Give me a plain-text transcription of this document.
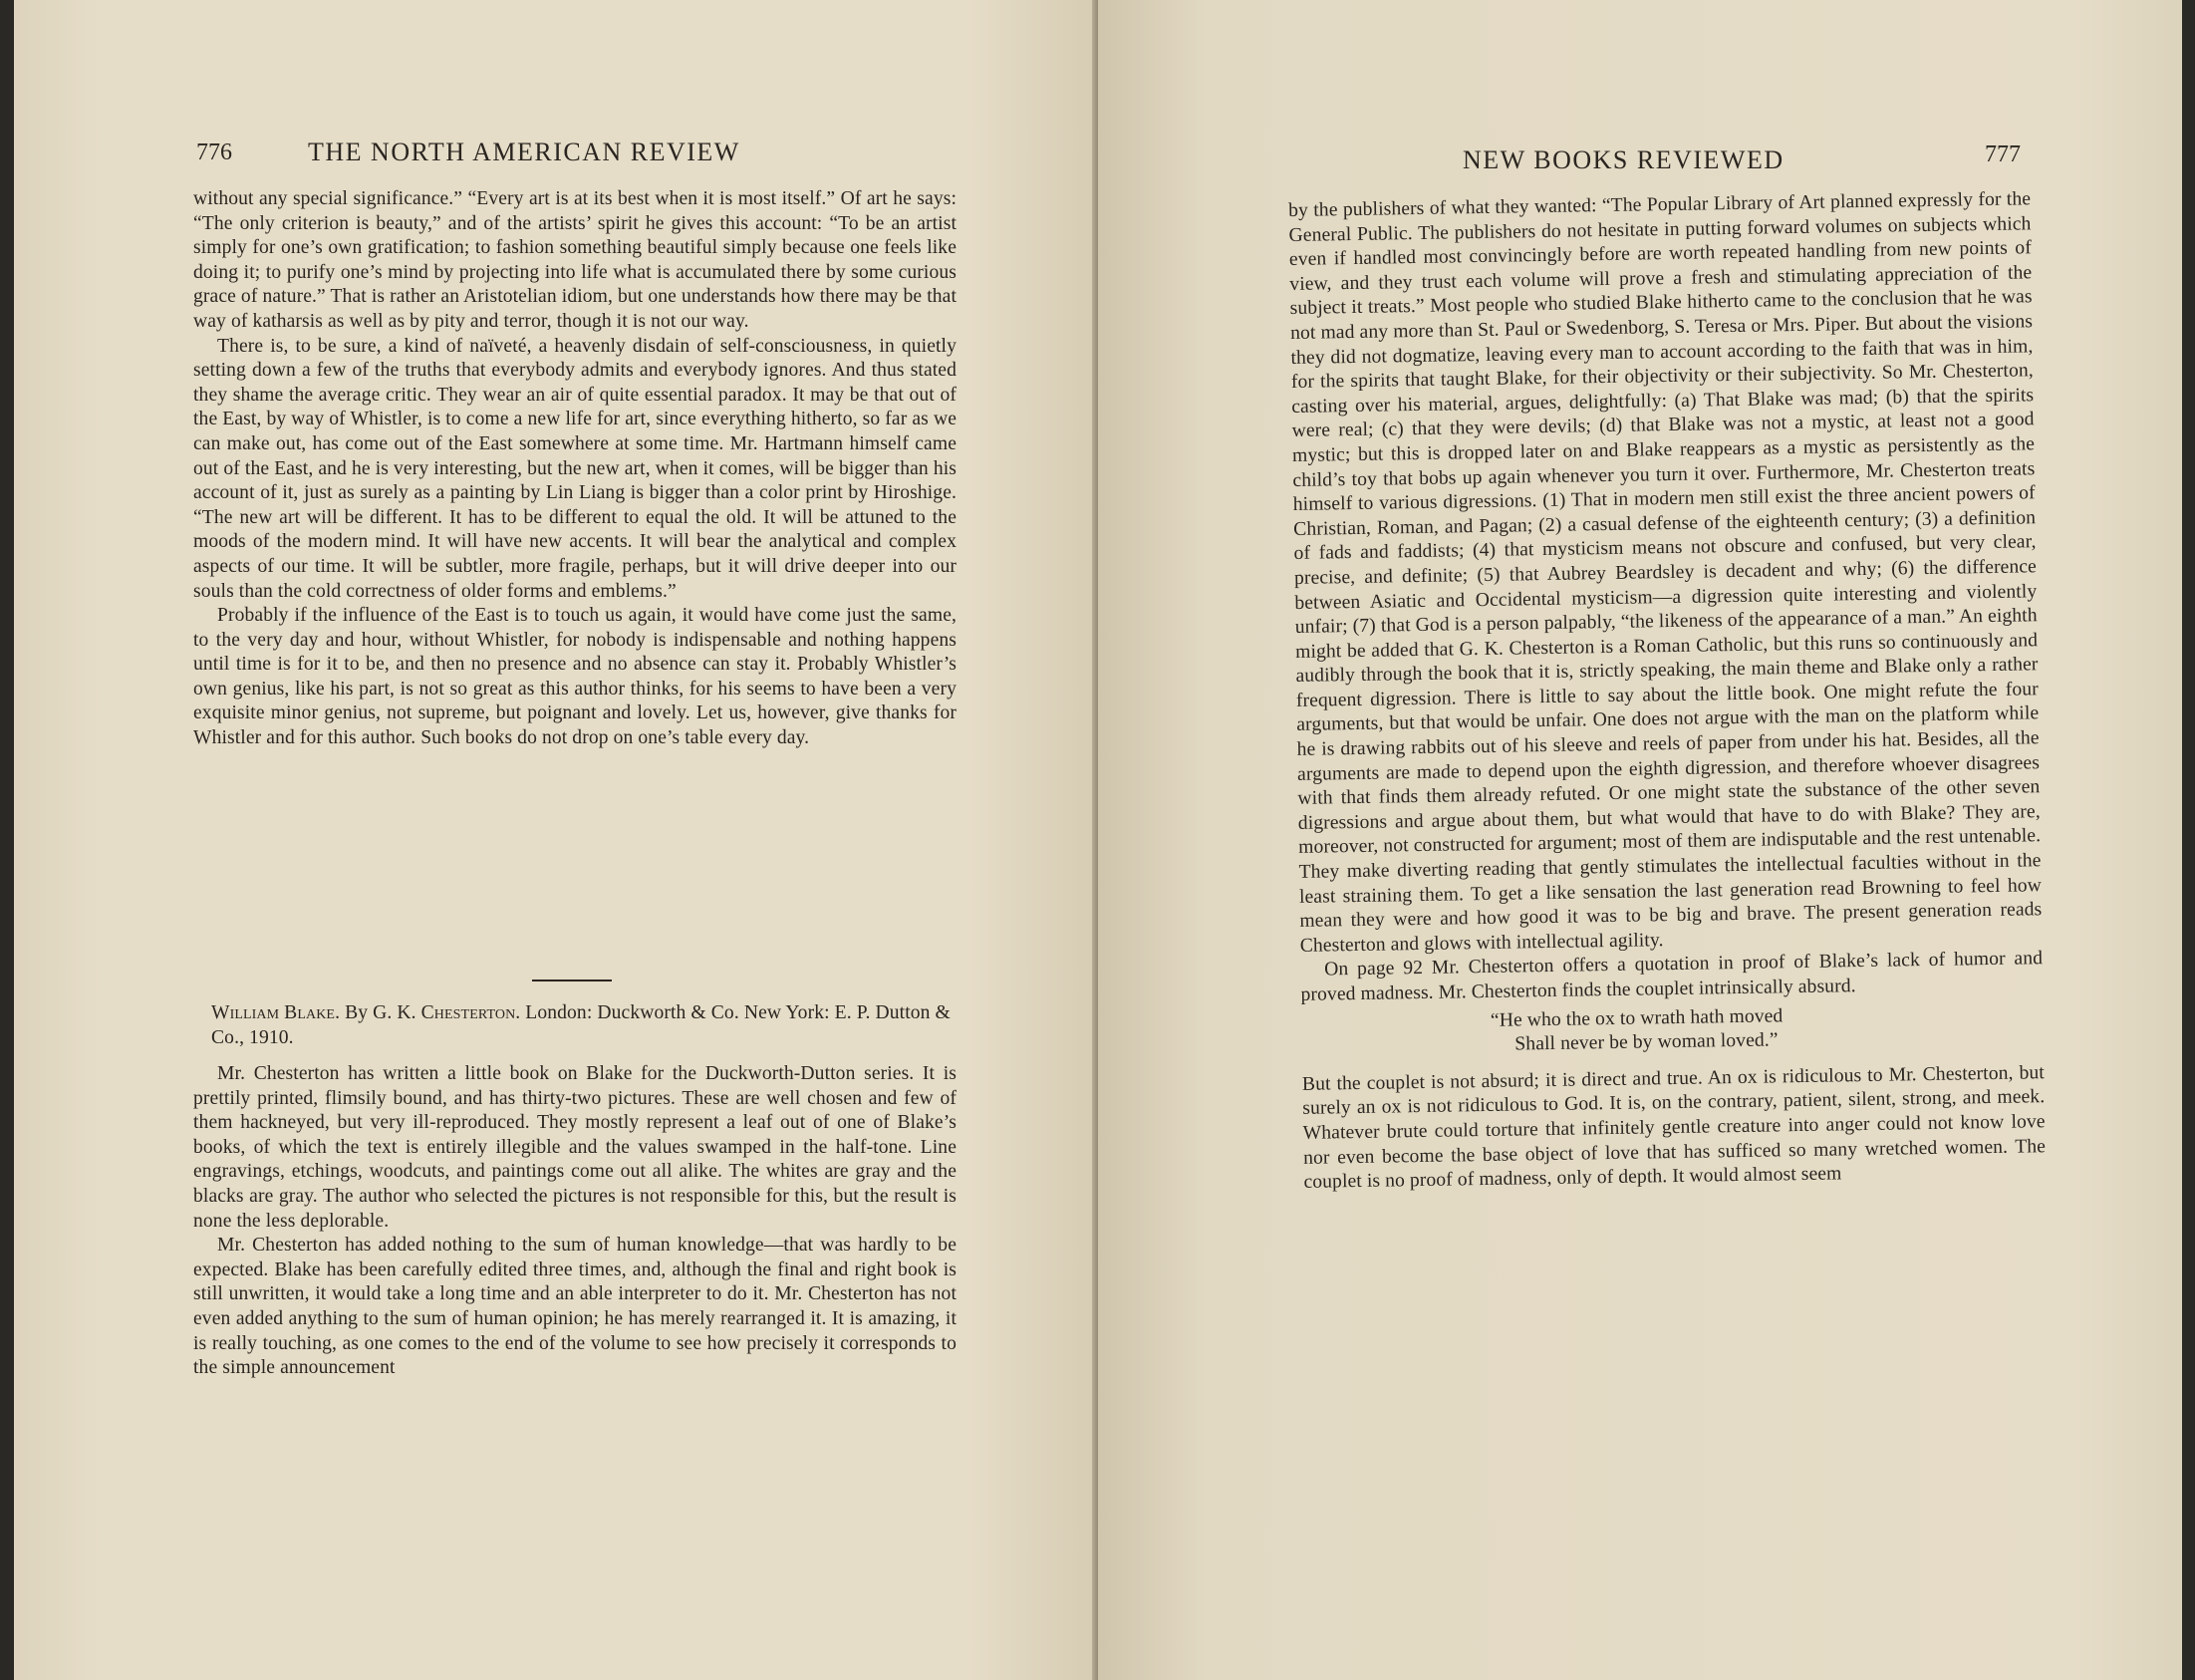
776	THE NORTH AMERICAN REVIEW

without any special significance.” “Every art is at its best when it is most itself.” Of art he says: “The only criterion is beauty,” and of the artists’ spirit he gives this account: “To be an artist simply for one’s own gratification; to fashion something beautiful simply because one feels like doing it; to purify one’s mind by projecting into life what is accumulated there by some curious grace of nature.” That is rather an Aristotelian idiom, but one understands how there may be that way of katharsis as well as by pity and terror, though it is not our way.

There is, to be sure, a kind of naïveté, a heavenly disdain of self-consciousness, in quietly setting down a few of the truths that everybody admits and everybody ignores. And thus stated they shame the average critic. They wear an air of quite essential paradox. It may be that out of the East, by way of Whistler, is to come a new life for art, since everything hitherto, so far as we can make out, has come out of the East somewhere at some time. Mr. Hartmann himself came out of the East, and he is very interesting, but the new art, when it comes, will be bigger than his account of it, just as surely as a painting by Lin Liang is bigger than a color print by Hiroshige. “The new art will be different. It has to be different to equal the old. It will be attuned to the moods of the modern mind. It will have new accents. It will bear the analytical and complex aspects of our time. It will be subtler, more fragile, perhaps, but it will drive deeper into our souls than the cold correctness of older forms and emblems.”

Probably if the influence of the East is to touch us again, it would have come just the same, to the very day and hour, without Whistler, for nobody is indispensable and nothing happens until time is for it to be, and then no presence and no absence can stay it. Probably Whistler’s own genius, like his part, is not so great as this author thinks, for his seems to have been a very exquisite minor genius, not supreme, but poignant and lovely. Let us, however, give thanks for Whistler and for this author. Such books do not drop on one’s table every day.

William Blake. By G. K. Chesterton. London: Duckworth & Co. New York: E. P. Dutton & Co., 1910.

Mr. Chesterton has written a little book on Blake for the Duckworth-Dutton series. It is prettily printed, flimsily bound, and has thirty-two pictures. These are well chosen and few of them hackneyed, but very ill-reproduced. They mostly represent a leaf out of one of Blake’s books, of which the text is entirely illegible and the values swamped in the half-tone. Line engravings, etchings, woodcuts, and paintings come out all alike. The whites are gray and the blacks are gray. The author who selected the pictures is not responsible for this, but the result is none the less deplorable.

Mr. Chesterton has added nothing to the sum of human knowledge—that was hardly to be expected. Blake has been carefully edited three times, and, although the final and right book is still unwritten, it would take a long time and an able interpreter to do it. Mr. Chesterton has not even added anything to the sum of human opinion; he has merely rearranged it. It is amazing, it is really touching, as one comes to the end of the volume to see how precisely it corresponds to the simple announcement

NEW BOOKS REVIEWED	777

by the publishers of what they wanted: “The Popular Library of Art planned expressly for the General Public. The publishers do not hesitate in putting forward volumes on subjects which even if handled most convincingly before are worth repeated handling from new points of view, and they trust each volume will prove a fresh and stimulating appreciation of the subject it treats.” Most people who studied Blake hitherto came to the conclusion that he was not mad any more than St. Paul or Swedenborg, S. Teresa or Mrs. Piper. But about the visions they did not dogmatize, leaving every man to account according to the faith that was in him, for the spirits that taught Blake, for their objectivity or their subjectivity. So Mr. Chesterton, casting over his material, argues, delightfully: (a) That Blake was mad; (b) that the spirits were real; (c) that they were devils; (d) that Blake was not a mystic, at least not a good mystic; but this is dropped later on and Blake reappears as a mystic as persistently as the child’s toy that bobs up again whenever you turn it over. Furthermore, Mr. Chesterton treats himself to various digressions. (1) That in modern men still exist the three ancient powers of Christian, Roman, and Pagan; (2) a casual defense of the eighteenth century; (3) a definition of fads and faddists; (4) that mysticism means not obscure and confused, but very clear, precise, and definite; (5) that Aubrey Beardsley is decadent and why; (6) the difference between Asiatic and Occidental mysticism—a digression quite interesting and violently unfair; (7) that God is a person palpably, “the likeness of the appearance of a man.” An eighth might be added that G. K. Chesterton is a Roman Catholic, but this runs so continuously and audibly through the book that it is, strictly speaking, the main theme and Blake only a rather frequent digression. There is little to say about the little book. One might refute the four arguments, but that would be unfair. One does not argue with the man on the platform while he is drawing rabbits out of his sleeve and reels of paper from under his hat. Besides, all the arguments are made to depend upon the eighth digression, and therefore whoever disagrees with that finds them already refuted. Or one might state the substance of the other seven digressions and argue about them, but what would that have to do with Blake? They are, moreover, not constructed for argument; most of them are indisputable and the rest untenable. They make diverting reading that gently stimulates the intellectual faculties without in the least straining them. To get a like sensation the last generation read Browning to feel how mean they were and how good it was to be big and brave. The present generation reads Chesterton and glows with intellectual agility.

On page 92 Mr. Chesterton offers a quotation in proof of Blake’s lack of humor and proved madness. Mr. Chesterton finds the couplet intrinsically absurd.

“He who the ox to wrath hath moved
Shall never be by woman loved.”

But the couplet is not absurd; it is direct and true. An ox is ridiculous to Mr. Chesterton, but surely an ox is not ridiculous to God. It is, on the contrary, patient, silent, strong, and meek. Whatever brute could torture that infinitely gentle creature into anger could not know love nor even become the base object of love that has sufficed so many wretched women. The couplet is no proof of madness, only of depth. It would almost seem
